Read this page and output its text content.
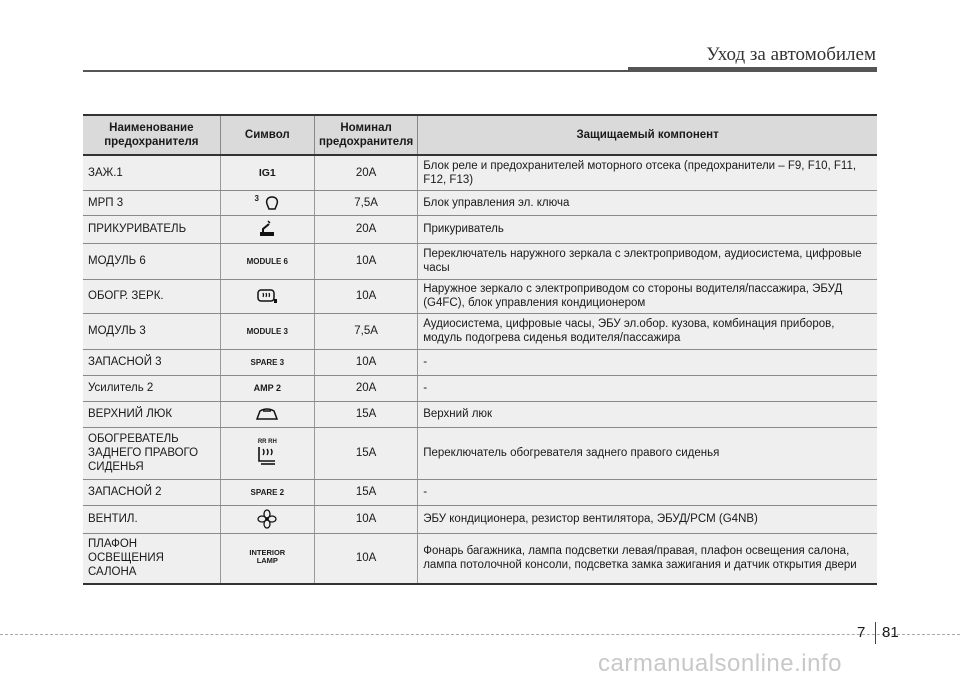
Уход за автомобилем
Наименование предохранителя	Символ	Номинал предохранителя	Защищаемый компонент
ЗАЖ.1	IG1	20А	Блок реле и предохранителей моторного отсека (предохранители – F9, F10, F11, F12, F13)
МРП 3	3	7,5А	Блок управления эл. ключа
ПРИКУРИВАТЕЛЬ		20А	Прикуриватель
МОДУЛЬ 6	MODULE 6	10А	Переключатель наружного зеркала с электроприводом, аудиосистема, цифровые часы
ОБОГР. ЗЕРК.		10А	Наружное зеркало с электроприводом со стороны водителя/пассажира, ЭБУД (G4FC), блок управления кондиционером
МОДУЛЬ 3	MODULE 3	7,5А	Аудиосистема, цифровые часы, ЭБУ эл.обор. кузова, комбинация приборов, модуль подогрева сиденья водителя/пассажира
ЗАПАСНОЙ 3	SPARE 3	10А	-
Усилитель 2	AMP 2	20А	-
ВЕРХНИЙ ЛЮК		15А	Верхний люк
ОБОГРЕВАТЕЛЬ ЗАДНЕГО ПРАВОГО СИДЕНЬЯ	RR RH	15А	Переключатель обогревателя заднего правого сиденья
ЗАПАСНОЙ 2	SPARE 2	15А	-
ВЕНТИЛ.		10А	ЭБУ кондиционера, резистор вентилятора, ЭБУД/PCM (G4NB)
ПЛАФОН ОСВЕЩЕНИЯ САЛОНА	INTERIOR LAMP	10А	Фонарь багажника, лампа подсветки левая/правая, плафон освещения салона, лампа потолочной консоли, подсветка замка зажигания и датчик открытия двери
7 81
carmanualsonline.info
